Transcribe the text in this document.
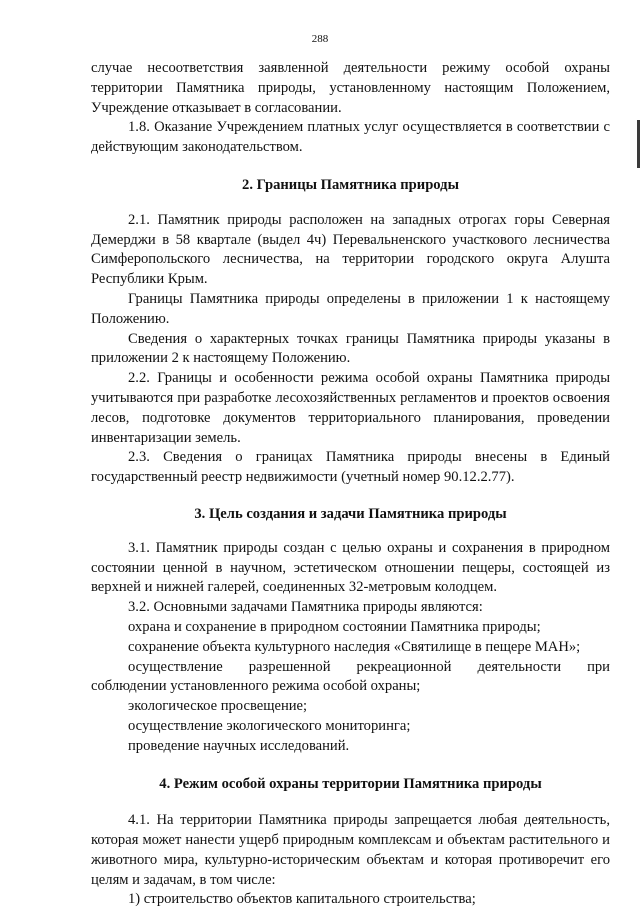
288

случае несоответствия заявленной деятельности режиму особой охраны территории Памятника природы, установленному настоящим Положением, Учреждение отказывает в согласовании.

1.8. Оказание Учреждением платных услуг осуществляется в соответствии с действующим законодательством.

2. Границы Памятника природы

2.1. Памятник природы расположен на западных отрогах горы Северная Демерджи в 58 квартале (выдел 4ч) Перевальненского участкового лесничества Симферопольского лесничества, на территории городского округа Алушта Республики Крым.

Границы Памятника природы определены в приложении 1 к настоящему Положению.

Сведения о характерных точках границы Памятника природы указаны в приложении 2 к настоящему Положению.

2.2. Границы и особенности режима особой охраны Памятника природы учитываются при разработке лесохозяйственных регламентов и проектов освоения лесов, подготовке документов территориального планирования, проведении инвентаризации земель.

2.3. Сведения о границах Памятника природы внесены в Единый государственный реестр недвижимости (учетный номер 90.12.2.77).

3. Цель создания и задачи Памятника природы

3.1. Памятник природы создан с целью охраны и сохранения в природном состоянии ценной в научном, эстетическом отношении пещеры, состоящей из верхней и нижней галерей, соединенных 32-метровым колодцем.

3.2. Основными задачами Памятника природы являются:

охрана и сохранение в природном состоянии Памятника природы;

сохранение объекта культурного наследия «Святилище в пещере МАН»;

осуществление разрешенной рекреационной деятельности при

соблюдении установленного режима особой охраны;

экологическое просвещение;

осуществление экологического мониторинга;

проведение научных исследований.

4. Режим особой охраны территории Памятника природы

4.1. На территории Памятника природы запрещается любая деятельность, которая может нанести ущерб природным комплексам и объектам растительного и животного мира, культурно-историческим объектам и которая противоречит его целям и задачам, в том числе:

1) строительство объектов капитального строительства;
